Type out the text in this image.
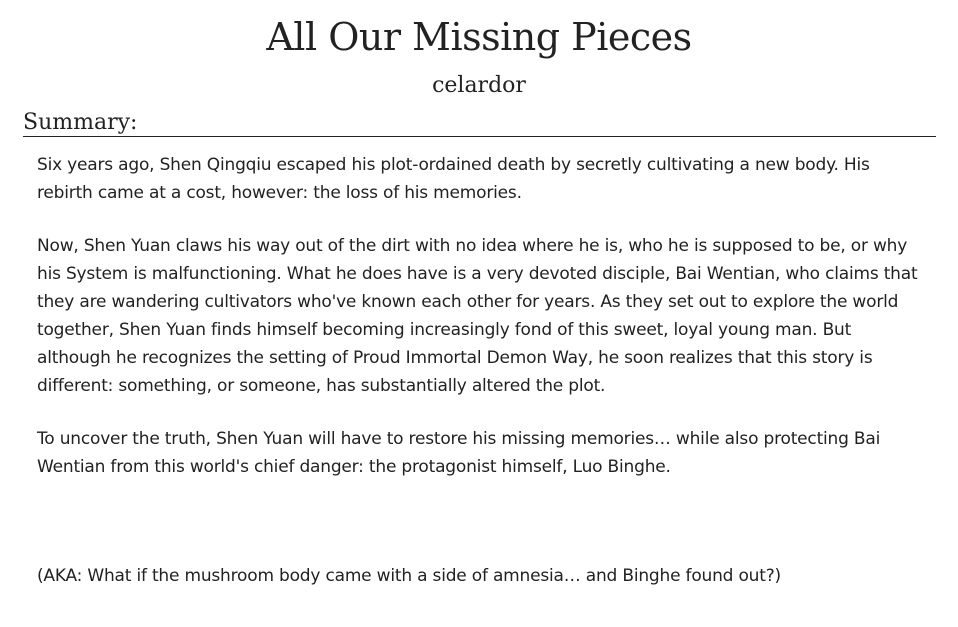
All Our Missing Pieces
celardor
Summary:

Six years ago, Shen Qingqiu escaped his plot-ordained death by secretly cultivating a new body. His rebirth came at a cost, however: the loss of his memories.

Now, Shen Yuan claws his way out of the dirt with no idea where he is, who he is supposed to be, or why his System is malfunctioning. What he does have is a very devoted disciple, Bai Wentian, who claims that they are wandering cultivators who've known each other for years. As they set out to explore the world together, Shen Yuan finds himself becoming increasingly fond of this sweet, loyal young man. But although he recognizes the setting of Proud Immortal Demon Way, he soon realizes that this story is different: something, or someone, has substantially altered the plot.

To uncover the truth, Shen Yuan will have to restore his missing memories… while also protecting Bai Wentian from this world's chief danger: the protagonist himself, Luo Binghe.

(AKA: What if the mushroom body came with a side of amnesia… and Binghe found out?)
